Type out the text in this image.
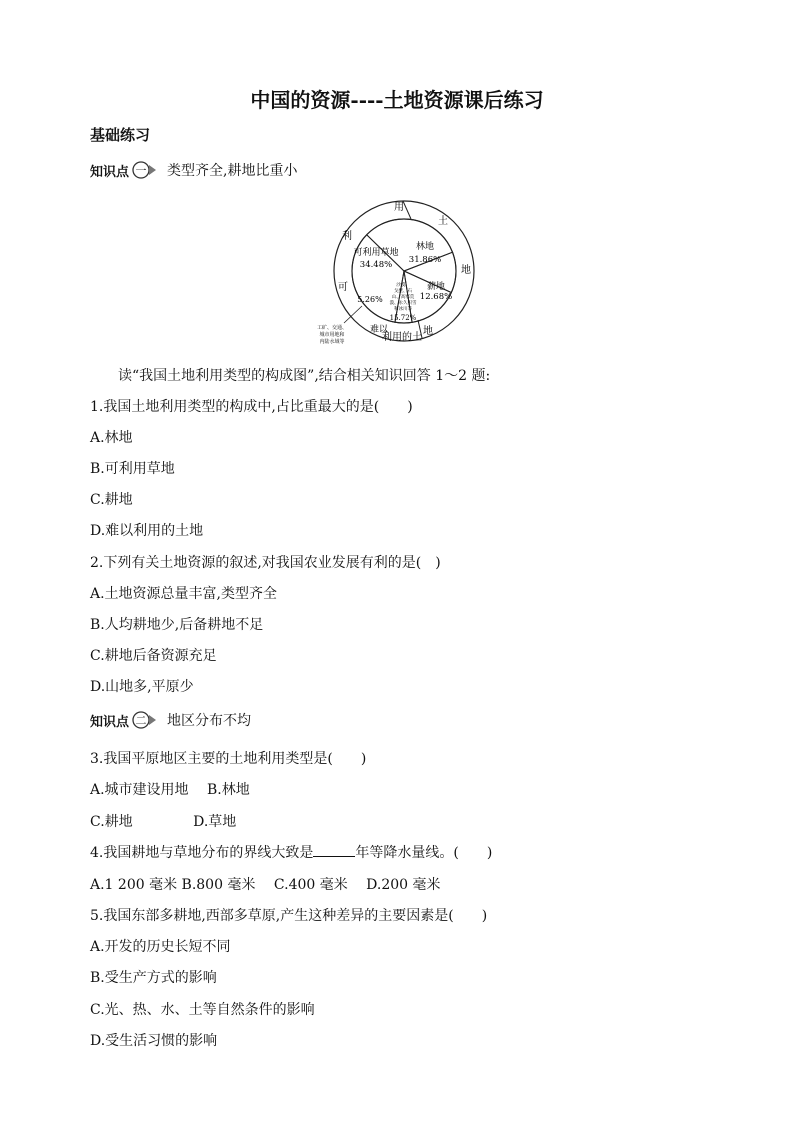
中国的资源----土地资源课后练习
基础练习
知识点 一 类型齐全,耕地比重小
用
土
地
地
利用的土
难以
可
利
可利用草地
34.48%
林地
31.86%
薪地
12.68%
沙漠、
戈壁、石
山、高寒荒
漠、永久积雪
和冰川等
15.72%
5.26%
工矿、交通、
城市用地和
内陆水域等
读“我国土地利用类型的构成图”,结合相关知识回答 1～2 题:
1.我国土地利用类型的构成中,占比重最大的是(　　)
A.林地
B.可利用草地
C.耕地
D.难以利用的土地
2.下列有关土地资源的叙述,对我国农业发展有利的是(　)
A.土地资源总量丰富,类型齐全
B.人均耕地少,后备耕地不足
C.耕地后备资源充足
D.山地多,平原少
知识点 二 地区分布不均
3.我国平原地区主要的土地利用类型是(　　)
A.城市建设用地　 B.林地
C.耕地　　　　 D.草地
4.我国耕地与草地分布的界线大致是	年等降水量线。(　　)
A.1 200 毫米 B.800 毫米　 C.400 毫米　 D.200 毫米
5.我国东部多耕地,西部多草原,产生这种差异的主要因素是(　　)
A.开发的历史长短不同
B.受生产方式的影响
C.光、热、水、土等自然条件的影响
D.受生活习惯的影响
